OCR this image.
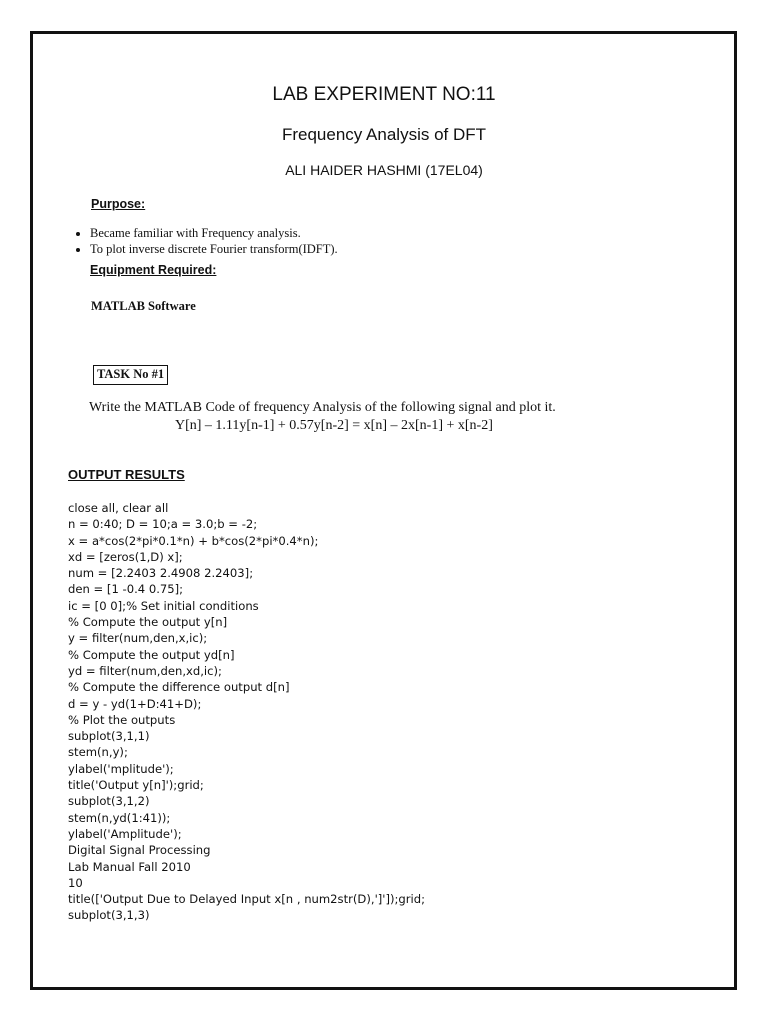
LAB EXPERIMENT NO:11
Frequency Analysis of DFT
ALI HAIDER HASHMI (17EL04)
Purpose:
• Became familiar with Frequency analysis.
• To plot inverse discrete Fourier transform(IDFT).
Equipment Required:
MATLAB Software
TASK No #1
Write the MATLAB Code of frequency Analysis of the following signal and plot it.
Y[n] – 1.11y[n-1] + 0.57y[n-2] = x[n] – 2x[n-1] + x[n-2]
OUTPUT RESULTS
close all, clear all
n = 0:40; D = 10;a = 3.0;b = -2;
x = a*cos(2*pi*0.1*n) + b*cos(2*pi*0.4*n);
xd = [zeros(1,D) x];
num = [2.2403 2.4908 2.2403];
den = [1 -0.4 0.75];
ic = [0 0];% Set initial conditions
% Compute the output y[n]
y = filter(num,den,x,ic);
% Compute the output yd[n]
yd = filter(num,den,xd,ic);
% Compute the difference output d[n]
d = y - yd(1+D:41+D);
% Plot the outputs
subplot(3,1,1)
stem(n,y);
ylabel('mplitude');
title('Output y[n]');grid;
subplot(3,1,2)
stem(n,yd(1:41));
ylabel('Amplitude');
Digital Signal Processing
Lab Manual Fall 2010
10
title(['Output Due to Delayed Input x[n , num2str(D),']']);grid;
subplot(3,1,3)
